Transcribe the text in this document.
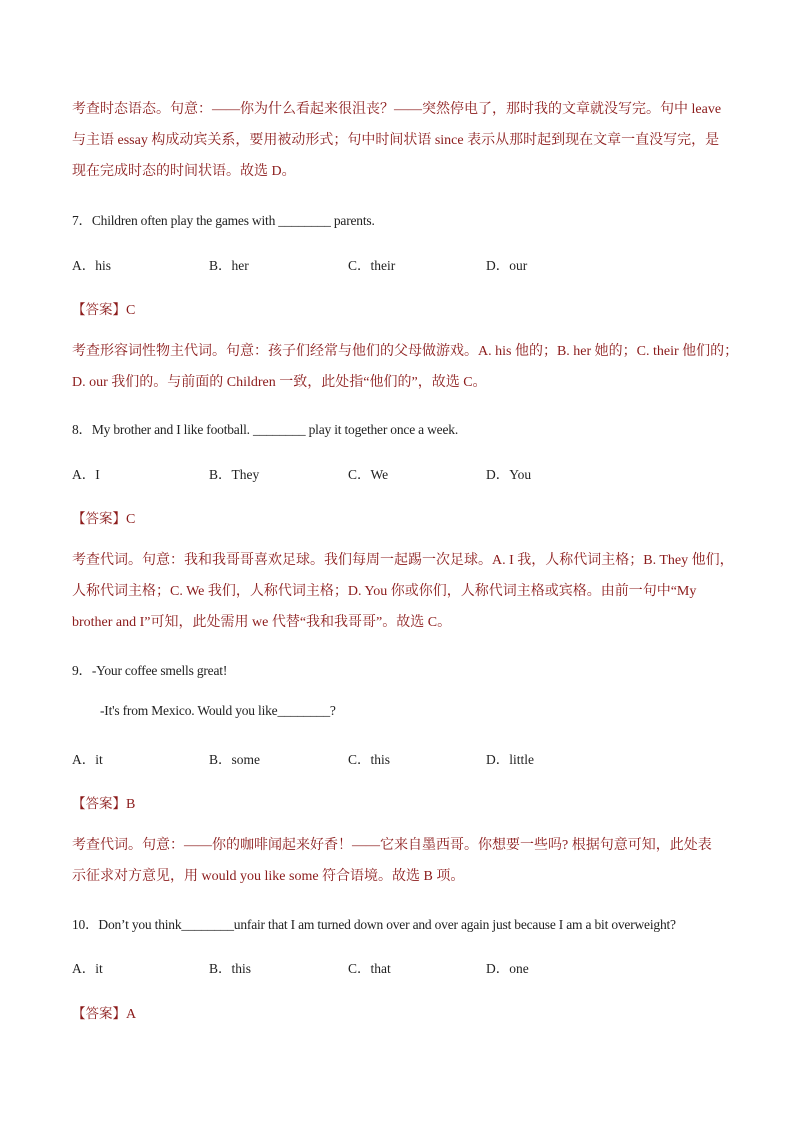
考查时态语态。句意：——你为什么看起来很沮丧？——突然停电了，那时我的文章就没写完。句中 leave
与主语 essay 构成动宾关系，要用被动形式；句中时间状语 since 表示从那时起到现在文章一直没写完，是
现在完成时态的时间状语。故选 D。
7．Children often play the games with ________ parents.
A．his	B．her	C．their	D．our
【答案】C
考查形容词性物主代词。句意：孩子们经常与他们的父母做游戏。A. his 他的；B. her 她的；C. their 他们的；
D. our 我们的。与前面的 Children 一致，此处指“他们的”，故选 C。
8．My brother and I like football. ________ play it together once a week.
A．I	B．They	C．We	D．You
【答案】C
考查代词。句意：我和我哥哥喜欢足球。我们每周一起踢一次足球。A. I 我，人称代词主格；B. They 他们，
人称代词主格；C. We 我们，人称代词主格；D. You 你或你们，人称代词主格或宾格。由前一句中“My
brother and I”可知，此处需用 we 代替“我和我哥哥”。故选 C。
9．-Your coffee smells great!
-It's from Mexico. Would you like________?
A．it	B．some	C．this	D．little
【答案】B
考查代词。句意：——你的咖啡闻起来好香！——它来自墨西哥。你想要一些吗? 根据句意可知，此处表
示征求对方意见，用 would you like some 符合语境。故选 B 项。
10．Don’t you think________unfair that I am turned down over and over again just because I am a bit overweight?
A．it	B．this	C．that	D．one
【答案】A
